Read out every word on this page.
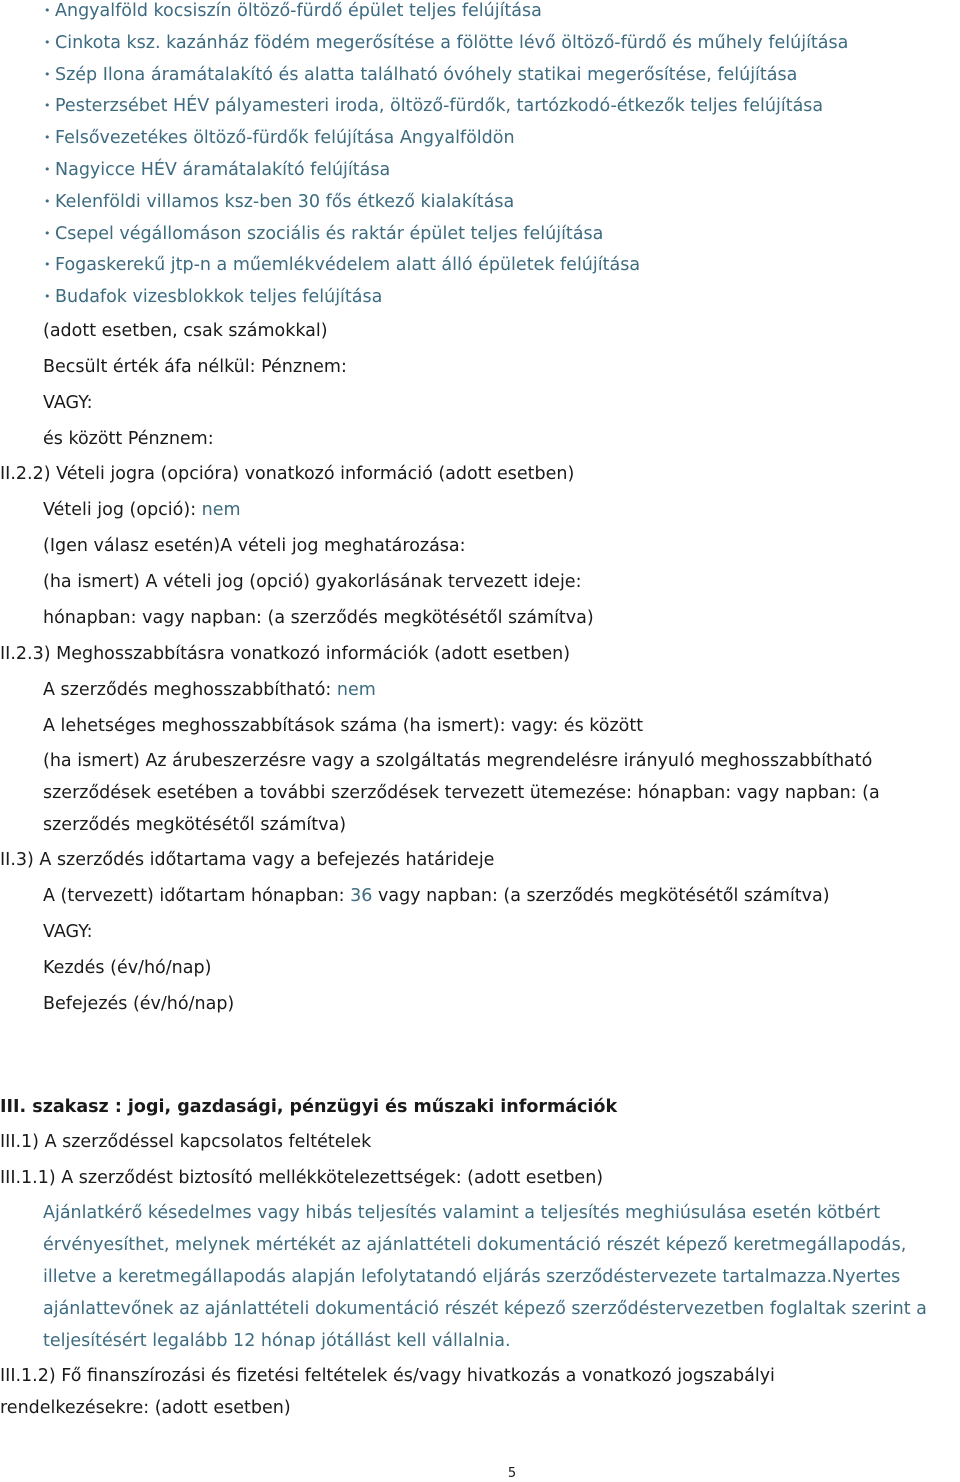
• Angyalföld kocsiszín öltöző-fürdő épület teljes felújítása
• Cinkota ksz. kazánház födém megerősítése a fölötte lévő öltöző-fürdő és műhely felújítása
• Szép Ilona áramátalakító és alatta található óvóhely statikai megerősítése, felújítása
• Pesterzsébet HÉV pályamesteri iroda, öltöző-fürdők, tartózkodó-étkezők teljes felújítása
• Felsővezetékes öltöző-fürdők felújítása Angyalföldön
• Nagyicce HÉV áramátalakító felújítása
• Kelenföldi villamos ksz-ben 30 fős étkező kialakítása
• Csepel végállomáson szociális és raktár épület teljes felújítása
• Fogaskerekű jtp-n a műemlékvédelem alatt álló épületek felújítása
• Budafok vizesblokkok teljes felújítása
(adott esetben, csak számokkal)
Becsült érték áfa nélkül: Pénznem:
VAGY:
és között Pénznem:
II.2.2) Vételi jogra (opcióra) vonatkozó információ (adott esetben)
Vételi jog (opció): nem
(Igen válasz esetén)A vételi jog meghatározása:
(ha ismert) A vételi jog (opció) gyakorlásának tervezett ideje:
hónapban: vagy napban: (a szerződés megkötésétől számítva)
II.2.3) Meghosszabbításra vonatkozó információk (adott esetben)
A szerződés meghosszabbítható: nem
A lehetséges meghosszabbítások száma (ha ismert): vagy: és között
(ha ismert) Az árubeszerzésre vagy a szolgáltatás megrendelésre irányuló meghosszabbítható szerződések esetében a további szerződések tervezett ütemezése: hónapban: vagy napban: (a szerződés megkötésétől számítva)
II.3) A szerződés időtartama vagy a befejezés határideje
A (tervezett) időtartam hónapban: 36 vagy napban: (a szerződés megkötésétől számítva)
VAGY:
Kezdés (év/hó/nap)
Befejezés (év/hó/nap)
III. szakasz : jogi, gazdasági, pénzügyi és műszaki információk
III.1) A szerződéssel kapcsolatos feltételek
III.1.1) A szerződést biztosító mellékkötelezettségek: (adott esetben)
Ajánlatkérő késedelmes vagy hibás teljesítés valamint a teljesítés meghiúsulása esetén kötbért érvényesíthet, melynek mértékét az ajánlattételi dokumentáció részét képező keretmegállapodás, illetve a keretmegállapodás alapján lefolytatandó eljárás szerződéstervezete tartalmazza.Nyertes ajánlattevőnek az ajánlattételi dokumentáció részét képező szerződéstervezetben foglaltak szerint a teljesítésért legalább 12 hónap jótállást kell vállalnia.
III.1.2) Fő finanszírozási és fizetési feltételek és/vagy hivatkozás a vonatkozó jogszabályi rendelkezésekre: (adott esetben)
5
